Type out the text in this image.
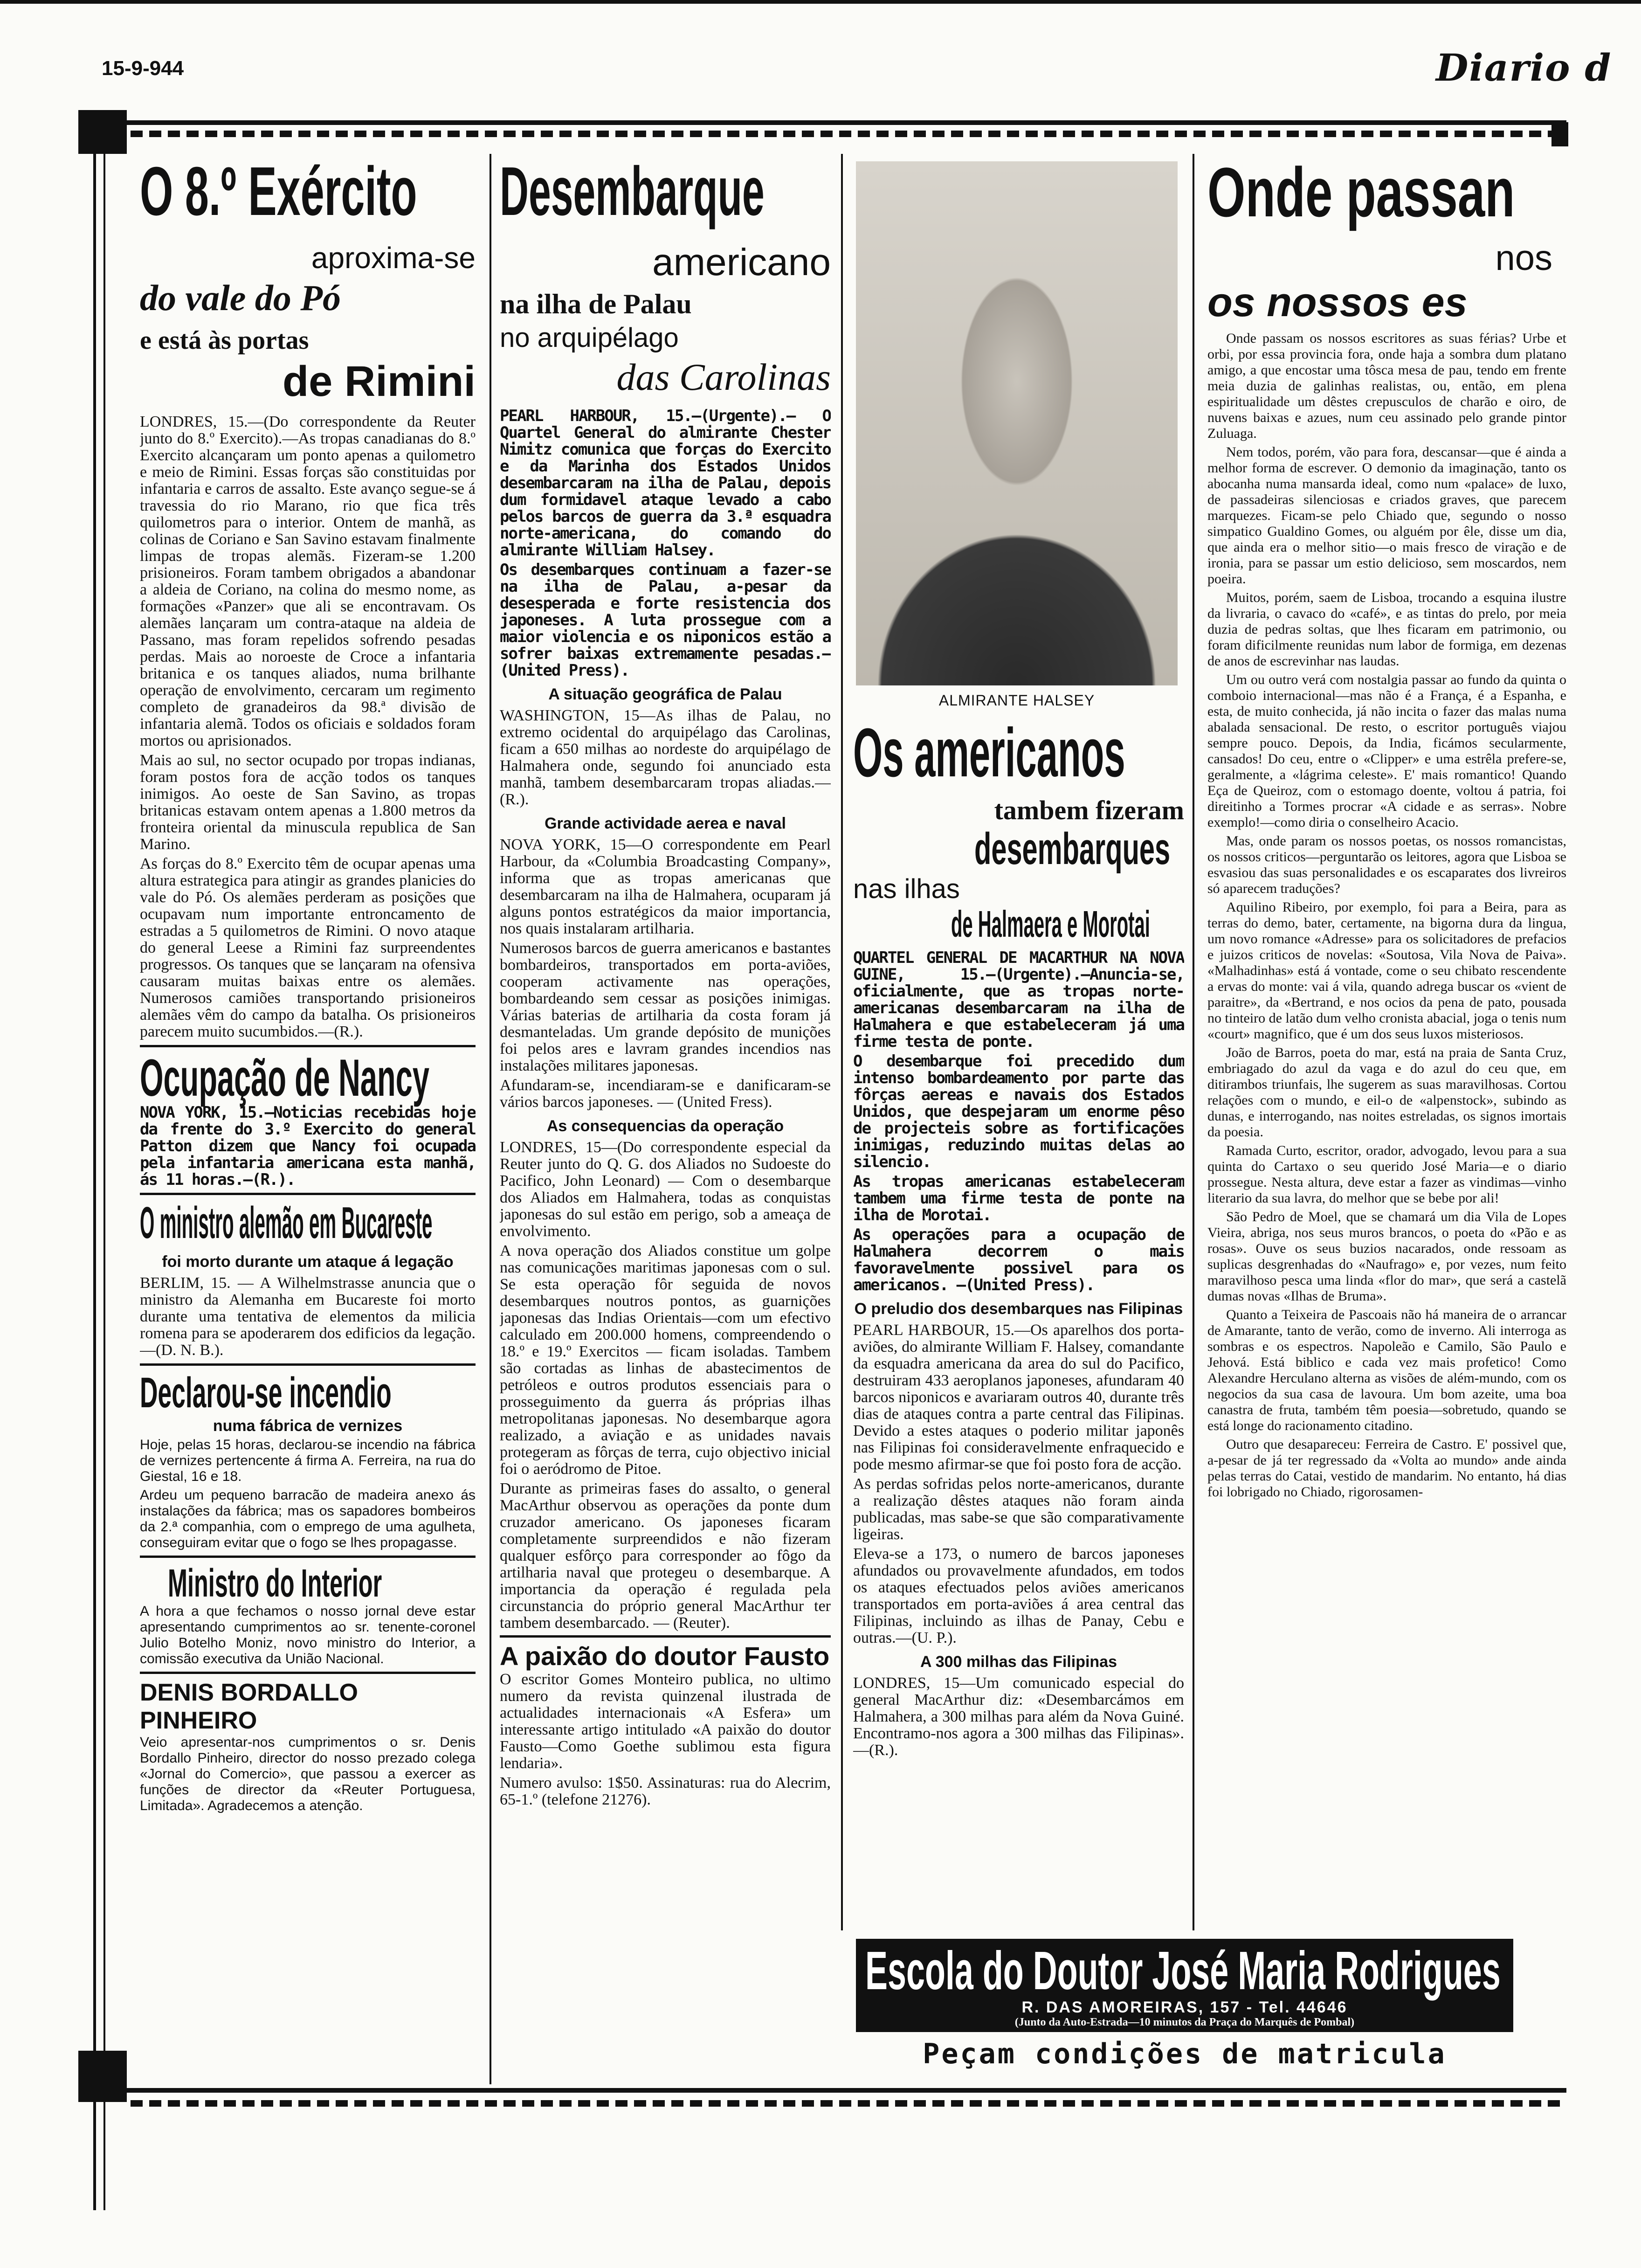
15-9-944	Diario d
O 8.º Exército
aproxima-se
do vale do Pó
e está às portas
de Rimini

LONDRES, 15.—(Do correspondente da Reuter junto do 8.º Exercito).—As tropas canadianas do 8.º Exercito alcançaram um ponto apenas a quilometro e meio de Rimini. Essas forças são constituidas por infantaria e carros de assalto. Este avanço segue-se á travessia do rio Marano, rio que fica três quilometros para o interior. Ontem de manhã, as colinas de Coriano e San Savino estavam finalmente limpas de tropas alemãs. Fizeram-se 1.200 prisioneiros. Foram tambem obrigados a abandonar a aldeia de Coriano, na colina do mesmo nome, as formações «Panzer» que ali se encontravam. Os alemães lançaram um contra-ataque na aldeia de Passano, mas foram repelidos sofrendo pesadas perdas. Mais ao noroeste de Croce a infantaria britanica e os tanques aliados, numa brilhante operação de envolvimento, cercaram um regimento completo de granadeiros da 98.ª divisão de infantaria alemã. Todos os oficiais e soldados foram mortos ou aprisionados.

Mais ao sul, no sector ocupado por tropas indianas, foram postos fora de acção todos os tanques inimigos. Ao oeste de San Savino, as tropas britanicas estavam ontem apenas a 1.800 metros da fronteira oriental da minuscula republica de San Marino.

As forças do 8.º Exercito têm de ocupar apenas uma altura estrategica para atingir as grandes planicies do vale do Pó. Os alemães perderam as posições que ocupavam num importante entroncamento de estradas a 5 quilometros de Rimini. O novo ataque do general Leese a Rimini faz surpreendentes progressos. Os tanques que se lançaram na ofensiva causaram muitas baixas entre os alemães. Numerosos camiões transportando prisioneiros alemães vêm do campo da batalha. Os prisioneiros parecem muito sucumbidos.—(R.).

Ocupação de Nancy

NOVA YORK, 15.—Noticias recebidas hoje da frente do 3.º Exercito do general Patton dizem que Nancy foi ocupada pela infantaria americana esta manhã, ás 11 horas.—(R.).

O ministro alemão em Bucareste
foi morto durante um ataque á legação

BERLIM, 15. — A Wilhelmstrasse anuncia que o ministro da Alemanha em Bucareste foi morto durante uma tentativa de elementos da milicia romena para se apoderarem dos edificios da legação.—(D. N. B.).

Declarou-se incendio
numa fábrica de vernizes

Hoje, pelas 15 horas, declarou-se incendio na fábrica de vernizes pertencente á firma A. Ferreira, na rua do Giestal, 16 e 18.

Ardeu um pequeno barracão de madeira anexo ás instalações da fábrica; mas os sapadores bombeiros da 2.ª companhia, com o emprego de uma agulheta, conseguiram evitar que o fogo se lhes propagasse.

Ministro do Interior

A hora a que fechamos o nosso jornal deve estar apresentando cumprimentos ao sr. tenente-coronel Julio Botelho Moniz, novo ministro do Interior, a comissão executiva da União Nacional.

DENIS BORDALLO PINHEIRO

Veio apresentar-nos cumprimentos o sr. Denis Bordallo Pinheiro, director do nosso prezado colega «Jornal do Comercio», que passou a exercer as funções de director da «Reuter Portuguesa, Limitada». Agradecemos a atenção.

Desembarque
americano
na ilha de Palau
no arquipélago
das Carolinas

PEARL HARBOUR, 15.—(Urgente).— O Quartel General do almirante Chester Nimitz comunica que forças do Exercito e da Marinha dos Estados Unidos desembarcaram na ilha de Palau, depois dum formidavel ataque levado a cabo pelos barcos de guerra da 3.ª esquadra norte-americana, do comando do almirante William Halsey.

Os desembarques continuam a fazer-se na ilha de Palau, a-pesar da desesperada e forte resistencia dos japoneses. A luta prossegue com a maior violencia e os niponicos estão a sofrer baixas extremamente pesadas.— (United Press).

A situação geográfica de Palau

WASHINGTON, 15—As ilhas de Palau, no extremo ocidental do arquipélago das Carolinas, ficam a 650 milhas ao nordeste do arquipélago de Halmahera onde, segundo foi anunciado esta manhã, tambem desembarcaram tropas aliadas.—(R.).

Grande actividade aerea e naval

NOVA YORK, 15—O correspondente em Pearl Harbour, da «Columbia Broadcasting Company», informa que as tropas americanas que desembarcaram na ilha de Halmahera, ocuparam já alguns pontos estratégicos da maior importancia, nos quais instalaram artilharia.

Numerosos barcos de guerra americanos e bastantes bombardeiros, transportados em porta-aviões, cooperam activamente nas operações, bombardeando sem cessar as posições inimigas. Várias baterias de artilharia da costa foram já desmanteladas. Um grande depósito de munições foi pelos ares e lavram grandes incendios nas instalações militares japonesas.

Afundaram-se, incendiaram-se e danificaram-se vários barcos japoneses. — (United Fress).

As consequencias da operação

LONDRES, 15—(Do correspondente especial da Reuter junto do Q. G. dos Aliados no Sudoeste do Pacifico, John Leonard) — Com o desembarque dos Aliados em Halmahera, todas as conquistas japonesas do sul estão em perigo, sob a ameaça de envolvimento.

A nova operação dos Aliados constitue um golpe nas comunicações maritimas japonesas com o sul. Se esta operação fôr seguida de novos desembarques noutros pontos, as guarnições japonesas das Indias Orientais—com um efectivo calculado em 200.000 homens, compreendendo o 18.º e 19.º Exercitos — ficam isoladas. Tambem são cortadas as linhas de abastecimentos de petróleos e outros produtos essenciais para o prosseguimento da guerra ás próprias ilhas metropolitanas japonesas. No desembarque agora realizado, a aviação e as unidades navais protegeram as fôrças de terra, cujo objectivo inicial foi o aeródromo de Pitoe.

Durante as primeiras fases do assalto, o general MacArthur observou as operações da ponte dum cruzador americano. Os japoneses ficaram completamente surpreendidos e não fizeram qualquer esfôrço para corresponder ao fôgo da artilharia naval que protegeu o desembarque. A importancia da operação é regulada pela circunstancia do próprio general MacArthur ter tambem desembarcado. — (Reuter).

A paixão do doutor Fausto

O escritor Gomes Monteiro publica, no ultimo numero da revista quinzenal ilustrada de actualidades internacionais «A Esfera» um interessante artigo intitulado «A paixão do doutor Fausto—Como Goethe sublimou esta figura lendaria».

Numero avulso: 1$50. Assinaturas: rua do Alecrim, 65-1.º (telefone 21276).

ALMIRANTE HALSEY
Os americanos
tambem fizeram
desembarques
nas ilhas
de Halmaera e Morotai

QUARTEL GENERAL DE MACARTHUR NA NOVA GUINE, 15.—(Urgente).—Anuncia-se, oficialmente, que as tropas norte-americanas desembarcaram na ilha de Halmahera e que estabeleceram já uma firme testa de ponte.

O desembarque foi precedido dum intenso bombardeamento por parte das fôrças aereas e navais dos Estados Unidos, que despejaram um enorme pêso de projecteis sobre as fortificações inimigas, reduzindo muitas delas ao silencio.

As tropas americanas estabeleceram tambem uma firme testa de ponte na ilha de Morotai.

As operações para a ocupação de Halmahera decorrem o mais favoravelmente possivel para os americanos. —(United Press).

O preludio dos desembarques nas Filipinas

PEARL HARBOUR, 15.—Os aparelhos dos porta-aviões, do almirante William F. Halsey, comandante da esquadra americana da area do sul do Pacifico, destruiram 433 aeroplanos japoneses, afundaram 40 barcos niponicos e avariaram outros 40, durante três dias de ataques contra a parte central das Filipinas. Devido a estes ataques o poderio militar japonês nas Filipinas foi consideravelmente enfraquecido e pode mesmo afirmar-se que foi posto fora de acção.

As perdas sofridas pelos norte-americanos, durante a realização dêstes ataques não foram ainda publicadas, mas sabe-se que são comparativamente ligeiras.

Eleva-se a 173, o numero de barcos japoneses afundados ou provavelmente afundados, em todos os ataques efectuados pelos aviões americanos transportados em porta-aviões á area central das Filipinas, incluindo as ilhas de Panay, Cebu e outras.—(U. P.).

A 300 milhas das Filipinas

LONDRES, 15—Um comunicado especial do general MacArthur diz: «Desembarcámos em Halmahera, a 300 milhas para além da Nova Guiné. Encontramo-nos agora a 300 milhas das Filipinas».—(R.).

Onde passan
nos
os nossos es

Onde passam os nossos escritores as suas férias? Urbe et orbi, por essa provincia fora, onde haja a sombra dum platano amigo, a que encostar uma tôsca mesa de pau, tendo em frente meia duzia de galinhas realistas, ou, então, em plena espiritualidade um dêstes crepusculos de charão e oiro, de nuvens baixas e azues, num ceu assinado pelo grande pintor Zuluaga.

Nem todos, porém, vão para fora, descansar—que é ainda a melhor forma de escrever. O demonio da imaginação, tanto os abocanha numa mansarda ideal, como num «palace» de luxo, de passadeiras silenciosas e criados graves, que parecem marquezes. Ficam-se pelo Chiado que, segundo o nosso simpatico Gualdino Gomes, ou alguém por êle, disse um dia, que ainda era o melhor sitio—o mais fresco de viração e de ironia, para se passar um estio delicioso, sem moscardos, nem poeira.

Muitos, porém, saem de Lisboa, trocando a esquina ilustre da livraria, o cavaco do «café», e as tintas do prelo, por meia duzia de pedras soltas, que lhes ficaram em patrimonio, ou foram dificilmente reunidas num labor de formiga, em dezenas de anos de escrevinhar nas laudas.

Um ou outro verá com nostalgia passar ao fundo da quinta o comboio internacional—mas não é a França, é a Espanha, e esta, de muito conhecida, já não incita o fazer das malas numa abalada sensacional. De resto, o escritor português viajou sempre pouco. Depois, da India, ficámos secularmente, cansados! Do ceu, entre o «Clipper» e uma estrêla prefere-se, geralmente, a «lágrima celeste». E' mais romantico! Quando Eça de Queiroz, com o estomago doente, voltou á patria, foi direitinho a Tormes procrar «A cidade e as serras». Nobre exemplo!—como diria o conselheiro Acacio.

Mas, onde param os nossos poetas, os nossos romancistas, os nossos criticos—perguntarão os leitores, agora que Lisboa se esvasiou das suas personalidades e os escaparates dos livreiros só aparecem traduções?

Aquilino Ribeiro, por exemplo, foi para a Beira, para as terras do demo, bater, certamente, na bigorna dura da lingua, um novo romance «Adresse» para os solicitadores de prefacios e juizos criticos de novelas: «Soutosa, Vila Nova de Paiva». «Malhadinhas» está á vontade, come o seu chibato rescendente a ervas do monte: vai á vila, quando adrega buscar os «vient de paraitre», da «Bertrand, e nos ocios da pena de pato, pousada no tinteiro de latão dum velho cronista abacial, joga o tenis num «court» magnifico, que é um dos seus luxos misteriosos.

João de Barros, poeta do mar, está na praia de Santa Cruz, embriagado do azul da vaga e do azul do ceu que, em ditirambos triunfais, lhe sugerem as suas maravilhosas. Cortou relações com o mundo, e eil-o de «alpenstock», subindo as dunas, e interrogando, nas noites estreladas, os signos imortais da poesia.

Ramada Curto, escritor, orador, advogado, levou para a sua quinta do Cartaxo o seu querido José Maria—e o diario prossegue. Nesta altura, deve estar a fazer as vindimas—vinho literario da sua lavra, do melhor que se bebe por ali!

São Pedro de Moel, que se chamará um dia Vila de Lopes Vieira, abriga, nos seus muros brancos, o poeta do «Pão e as rosas». Ouve os seus buzios nacarados, onde ressoam as suplicas desgrenhadas do «Naufrago» e, por vezes, num feito maravilhoso pesca uma linda «flor do mar», que será a castelã dumas novas «Ilhas de Bruma».

Quanto a Teixeira de Pascoais não há maneira de o arrancar de Amarante, tanto de verão, como de inverno. Ali interroga as sombras e os espectros. Napoleão e Camilo, São Paulo e Jehová. Está biblico e cada vez mais profetico! Como Alexandre Herculano alterna as visões de além-mundo, com os negocios da sua casa de lavoura. Um bom azeite, uma boa canastra de fruta, também têm poesia—sobretudo, quando se está longe do racionamento citadino.

Outro que desapareceu: Ferreira de Castro. E' possivel que, a-pesar de já ter regressado da «Volta ao mundo» ande ainda pelas terras do Catai, vestido de mandarim. No entanto, há dias foi lobrigado no Chiado, rigorosamen-

Escola do Doutor José Maria Rodrigues
R. DAS AMOREIRAS, 157 - Tel. 44646
(Junto da Auto-Estrada—10 minutos da Praça do Marquês de Pombal)
Peçam condições de matricula
